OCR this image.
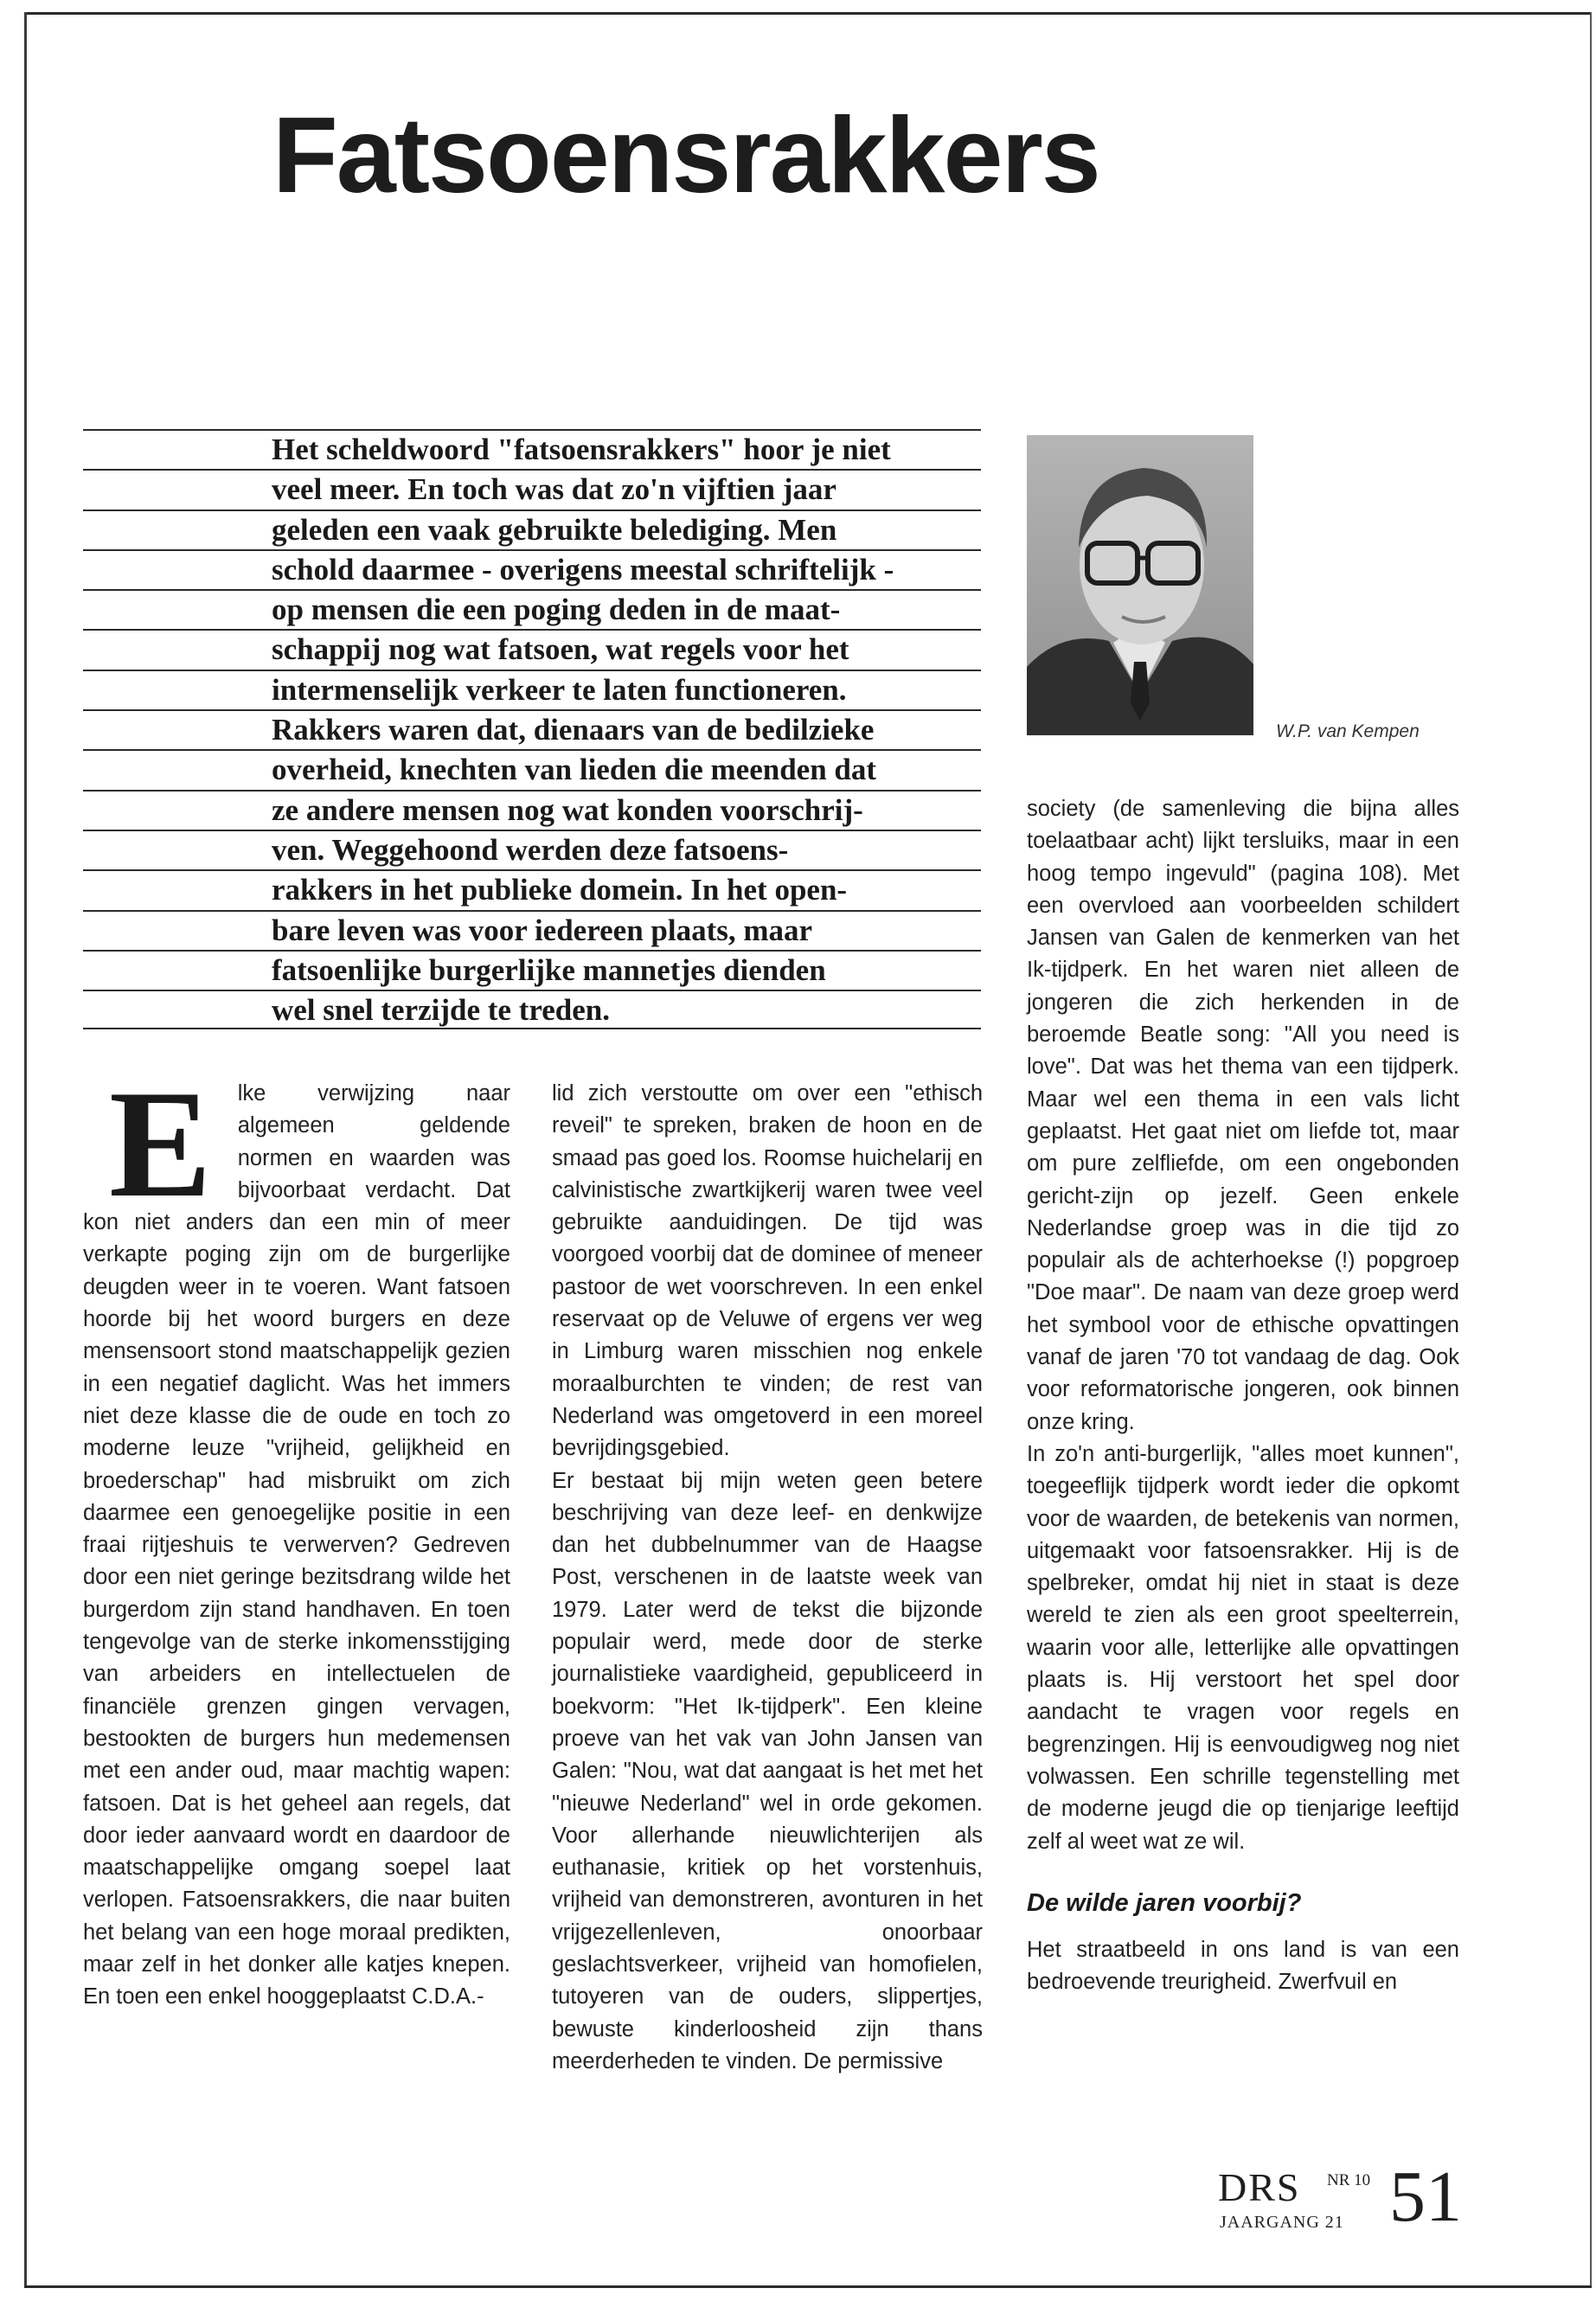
Fatsoensrakkers
Het scheldwoord "fatsoensrakkers" hoor je niet
veel meer. En toch was dat zo'n vijftien jaar
geleden een vaak gebruikte belediging. Men
schold daarmee - overigens meestal schriftelijk -
op mensen die een poging deden in de maat-
schappij nog wat fatsoen, wat regels voor het
intermenselijk verkeer te laten functioneren.
Rakkers waren dat, dienaars van de bedilzieke
overheid, knechten van lieden die meenden dat
ze andere mensen nog wat konden voorschrij-
ven. Weggehoond werden deze fatsoens-
rakkers in het publieke domein. In het open-
bare leven was voor iedereen plaats, maar
fatsoenlijke burgerlijke mannetjes dienden
wel snel terzijde te treden.
W.P. van Kempen
E	lke verwijzing naar algemeen geldende normen en waarden was bijvoorbaat verdacht. Dat kon niet anders dan een min of meer verkapte poging zijn om de burgerlijke deugden weer in te voeren. Want fatsoen hoorde bij het woord burgers en deze mensensoort stond maatschappelijk gezien in een negatief daglicht. Was het immers niet deze klasse die de oude en toch zo moderne leuze "vrijheid, gelijkheid en broederschap" had misbruikt om zich daarmee een genoegelijke positie in een fraai rijtjeshuis te verwerven? Gedreven door een niet geringe bezitsdrang wilde het burgerdom zijn stand handhaven. En toen tengevolge van de sterke inkomensstijging van arbeiders en intellectuelen de financiële grenzen gingen vervagen, bestookten de burgers hun medemensen met een ander oud, maar machtig wapen: fatsoen. Dat is het geheel aan regels, dat door ieder aanvaard wordt en daardoor de maatschappelijke omgang soepel laat verlopen. Fatsoensrakkers, die naar buiten het belang van een hoge moraal predikten, maar zelf in het donker alle katjes knepen. En toen een enkel hooggeplaatst C.D.A.-

lid zich verstoutte om over een "ethisch reveil" te spreken, braken de hoon en de smaad pas goed los. Roomse huichelarij en calvinistische zwartkijkerij waren twee veel gebruikte aanduidingen. De tijd was voorgoed voorbij dat de dominee of meneer pastoor de wet voorschreven. In een enkel reservaat op de Veluwe of ergens ver weg in Limburg waren misschien nog enkele moraalburchten te vinden; de rest van Nederland was omgetoverd in een moreel bevrijdingsgebied.

Er bestaat bij mijn weten geen betere beschrijving van deze leef- en denkwijze dan het dubbelnummer van de Haagse Post, verschenen in de laatste week van 1979. Later werd de tekst die bijzonde populair werd, mede door de sterke journalistieke vaardigheid, gepubliceerd in boekvorm: "Het Ik-tijdperk". Een kleine proeve van het vak van John Jansen van Galen: "Nou, wat dat aangaat is het met het "nieuwe Nederland" wel in orde gekomen. Voor allerhande nieuwlichterijen als euthanasie, kritiek op het vorstenhuis, vrijheid van demonstreren, avonturen in het vrijgezellenleven, onoorbaar geslachtsverkeer, vrijheid van homofielen, tutoyeren van de ouders, slippertjes, bewuste kinderloosheid zijn thans meerderheden te vinden. De permissive

society (de samenleving die bijna alles toelaatbaar acht) lijkt tersluiks, maar in een hoog tempo ingevuld" (pagina 108). Met een overvloed aan voorbeelden schildert Jansen van Galen de kenmerken van het Ik-tijdperk. En het waren niet alleen de jongeren die zich herkenden in de beroemde Beatle song: "All you need is love". Dat was het thema van een tijdperk. Maar wel een thema in een vals licht geplaatst. Het gaat niet om liefde tot, maar om pure zelfliefde, om een ongebonden gericht-zijn op jezelf. Geen enkele Nederlandse groep was in die tijd zo populair als de achterhoekse (!) popgroep "Doe maar". De naam van deze groep werd het symbool voor de ethische opvattingen vanaf de jaren '70 tot vandaag de dag. Ook voor reformatorische jongeren, ook binnen onze kring.

In zo'n anti-burgerlijk, "alles moet kunnen", toegeeflijk tijdperk wordt ieder die opkomt voor de waarden, de betekenis van normen, uitgemaakt voor fatsoensrakker. Hij is de spelbreker, omdat hij niet in staat is deze wereld te zien als een groot speelterrein, waarin voor alle, letterlijke alle opvattingen plaats is. Hij verstoort het spel door aandacht te vragen voor regels en begrenzingen. Hij is eenvoudigweg nog niet volwassen. Een schrille tegenstelling met de moderne jeugd die op tienjarige leeftijd zelf al weet wat ze wil.

De wilde jaren voorbij?

Het straatbeeld in ons land is van een bedroevende treurigheid. Zwerfvuil en

DRS NR 10
JAARGANG 21 51
